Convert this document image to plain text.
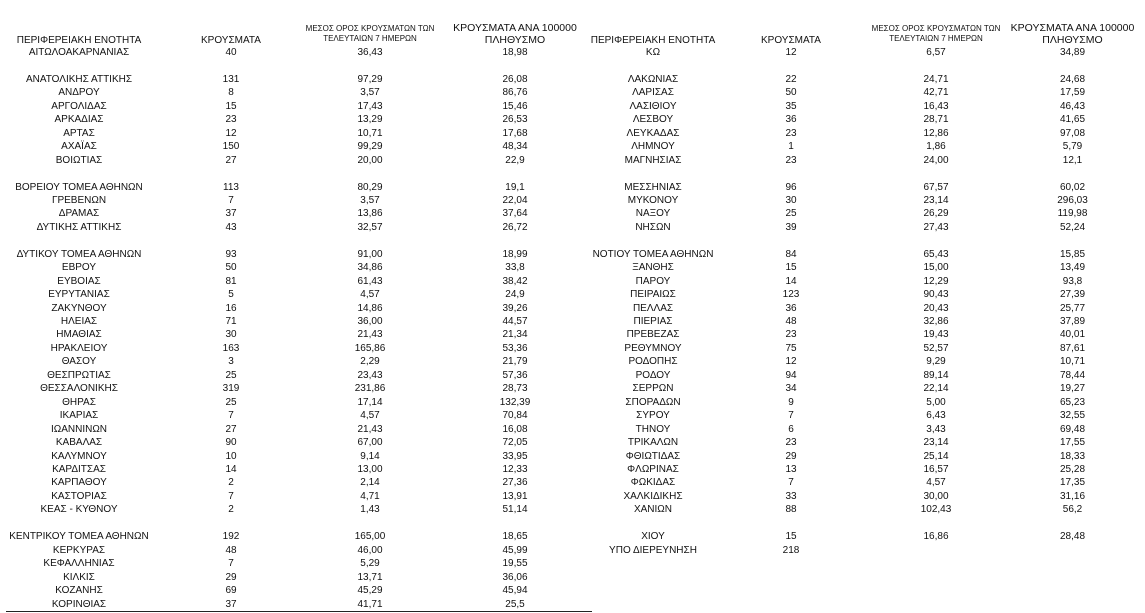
ΠΕΡΙΦΕΡΕΙΑΚΗ ΕΝΟΤΗΤΑ	ΚΡΟΥΣΜΑΤΑ
ΜΕΣΟΣ ΟΡΟΣ ΚΡΟΥΣΜΑΤΩΝ ΤΩΝ
ΤΕΛΕΥΤΑΙΩΝ 7 ΗΜΕΡΩΝ
ΚΡΟΥΣΜΑΤΑ ΑΝΑ 100000
ΠΛΗΘΥΣΜΟ	ΠΕΡΙΦΕΡΕΙΑΚΗ ΕΝΟΤΗΤΑ	ΚΡΟΥΣΜΑΤΑ
ΜΕΣΟΣ ΟΡΟΣ ΚΡΟΥΣΜΑΤΩΝ ΤΩΝ
ΤΕΛΕΥΤΑΙΩΝ 7 ΗΜΕΡΩΝ
ΚΡΟΥΣΜΑΤΑ ΑΝΑ 100000
ΠΛΗΘΥΣΜΟ
ΑΙΤΩΛΟΑΚΑΡΝΑΝΙΑΣ	40	36,43	18,98
ΑΝΑΤΟΛΙΚΗΣ ΑΤΤΙΚΗΣ	131	97,29	26,08
ΑΝΔΡΟΥ	8	3,57	86,76
ΑΡΓΟΛΙΔΑΣ	15	17,43	15,46
ΑΡΚΑΔΙΑΣ	23	13,29	26,53
ΑΡΤΑΣ	12	10,71	17,68
ΑΧΑΪΑΣ	150	99,29	48,34
ΒΟΙΩΤΙΑΣ	27	20,00	22,9
ΒΟΡΕΙΟΥ ΤΟΜΕΑ ΑΘΗΝΩΝ	113	80,29	19,1
ΓΡΕΒΕΝΩΝ	7	3,57	22,04
ΔΡΑΜΑΣ	37	13,86	37,64
ΔΥΤΙΚΗΣ ΑΤΤΙΚΗΣ	43	32,57	26,72
ΔΥΤΙΚΟΥ ΤΟΜΕΑ ΑΘΗΝΩΝ	93	91,00	18,99
ΕΒΡΟΥ	50	34,86	33,8
ΕΥΒΟΙΑΣ	81	61,43	38,42
ΕΥΡΥΤΑΝΙΑΣ	5	4,57	24,9
ΖΑΚΥΝΘΟΥ	16	14,86	39,26
ΗΛΕΙΑΣ	71	36,00	44,57
ΗΜΑΘΙΑΣ	30	21,43	21,34
ΗΡΑΚΛΕΙΟΥ	163	165,86	53,36
ΘΑΣΟΥ	3	2,29	21,79
ΘΕΣΠΡΩΤΙΑΣ	25	23,43	57,36
ΘΕΣΣΑΛΟΝΙΚΗΣ	319	231,86	28,73
ΘΗΡΑΣ	25	17,14	132,39
ΙΚΑΡΙΑΣ	7	4,57	70,84
ΙΩΑΝΝΙΝΩΝ	27	21,43	16,08
ΚΑΒΑΛΑΣ	90	67,00	72,05
ΚΑΛΥΜΝΟΥ	10	9,14	33,95
ΚΑΡΔΙΤΣΑΣ	14	13,00	12,33
ΚΑΡΠΑΘΟΥ	2	2,14	27,36
ΚΑΣΤΟΡΙΑΣ	7	4,71	13,91
ΚΕΑΣ - ΚΥΘΝΟΥ	2	1,43	51,14
ΚΕΝΤΡΙΚΟΥ ΤΟΜΕΑ ΑΘΗΝΩΝ	192	165,00	18,65
ΚΕΡΚΥΡΑΣ	48	46,00	45,99
ΚΕΦΑΛΛΗΝΙΑΣ	7	5,29	19,55
ΚΙΛΚΙΣ	29	13,71	36,06
ΚΟΖΑΝΗΣ	69	45,29	45,94
ΚΟΡΙΝΘΙΑΣ	37	41,71	25,5
ΚΩ	12	6,57	34,89
ΛΑΚΩΝΙΑΣ	22	24,71	24,68
ΛΑΡΙΣΑΣ	50	42,71	17,59
ΛΑΣΙΘΙΟΥ	35	16,43	46,43
ΛΕΣΒΟΥ	36	28,71	41,65
ΛΕΥΚΑΔΑΣ	23	12,86	97,08
ΛΗΜΝΟΥ	1	1,86	5,79
ΜΑΓΝΗΣΙΑΣ	23	24,00	12,1
ΜΕΣΣΗΝΙΑΣ	96	67,57	60,02
ΜΥΚΟΝΟΥ	30	23,14	296,03
ΝΑΞΟΥ	25	26,29	119,98
ΝΗΣΩΝ	39	27,43	52,24
ΝΟΤΙΟΥ ΤΟΜΕΑ ΑΘΗΝΩΝ	84	65,43	15,85
ΞΑΝΘΗΣ	15	15,00	13,49
ΠΑΡΟΥ	14	12,29	93,8
ΠΕΙΡΑΙΩΣ	123	90,43	27,39
ΠΕΛΛΑΣ	36	20,43	25,77
ΠΙΕΡΙΑΣ	48	32,86	37,89
ΠΡΕΒΕΖΑΣ	23	19,43	40,01
ΡΕΘΥΜΝΟΥ	75	52,57	87,61
ΡΟΔΟΠΗΣ	12	9,29	10,71
ΡΟΔΟΥ	94	89,14	78,44
ΣΕΡΡΩΝ	34	22,14	19,27
ΣΠΟΡΑΔΩΝ	9	5,00	65,23
ΣΥΡΟΥ	7	6,43	32,55
ΤΗΝΟΥ	6	3,43	69,48
ΤΡΙΚΑΛΩΝ	23	23,14	17,55
ΦΘΙΩΤΙΔΑΣ	29	25,14	18,33
ΦΛΩΡΙΝΑΣ	13	16,57	25,28
ΦΩΚΙΔΑΣ	7	4,57	17,35
ΧΑΛΚΙΔΙΚΗΣ	33	30,00	31,16
ΧΑΝΙΩΝ	88	102,43	56,2
ΧΙΟΥ	15	16,86	28,48
ΥΠΟ ΔΙΕΡΕΥΝΗΣΗ	218
